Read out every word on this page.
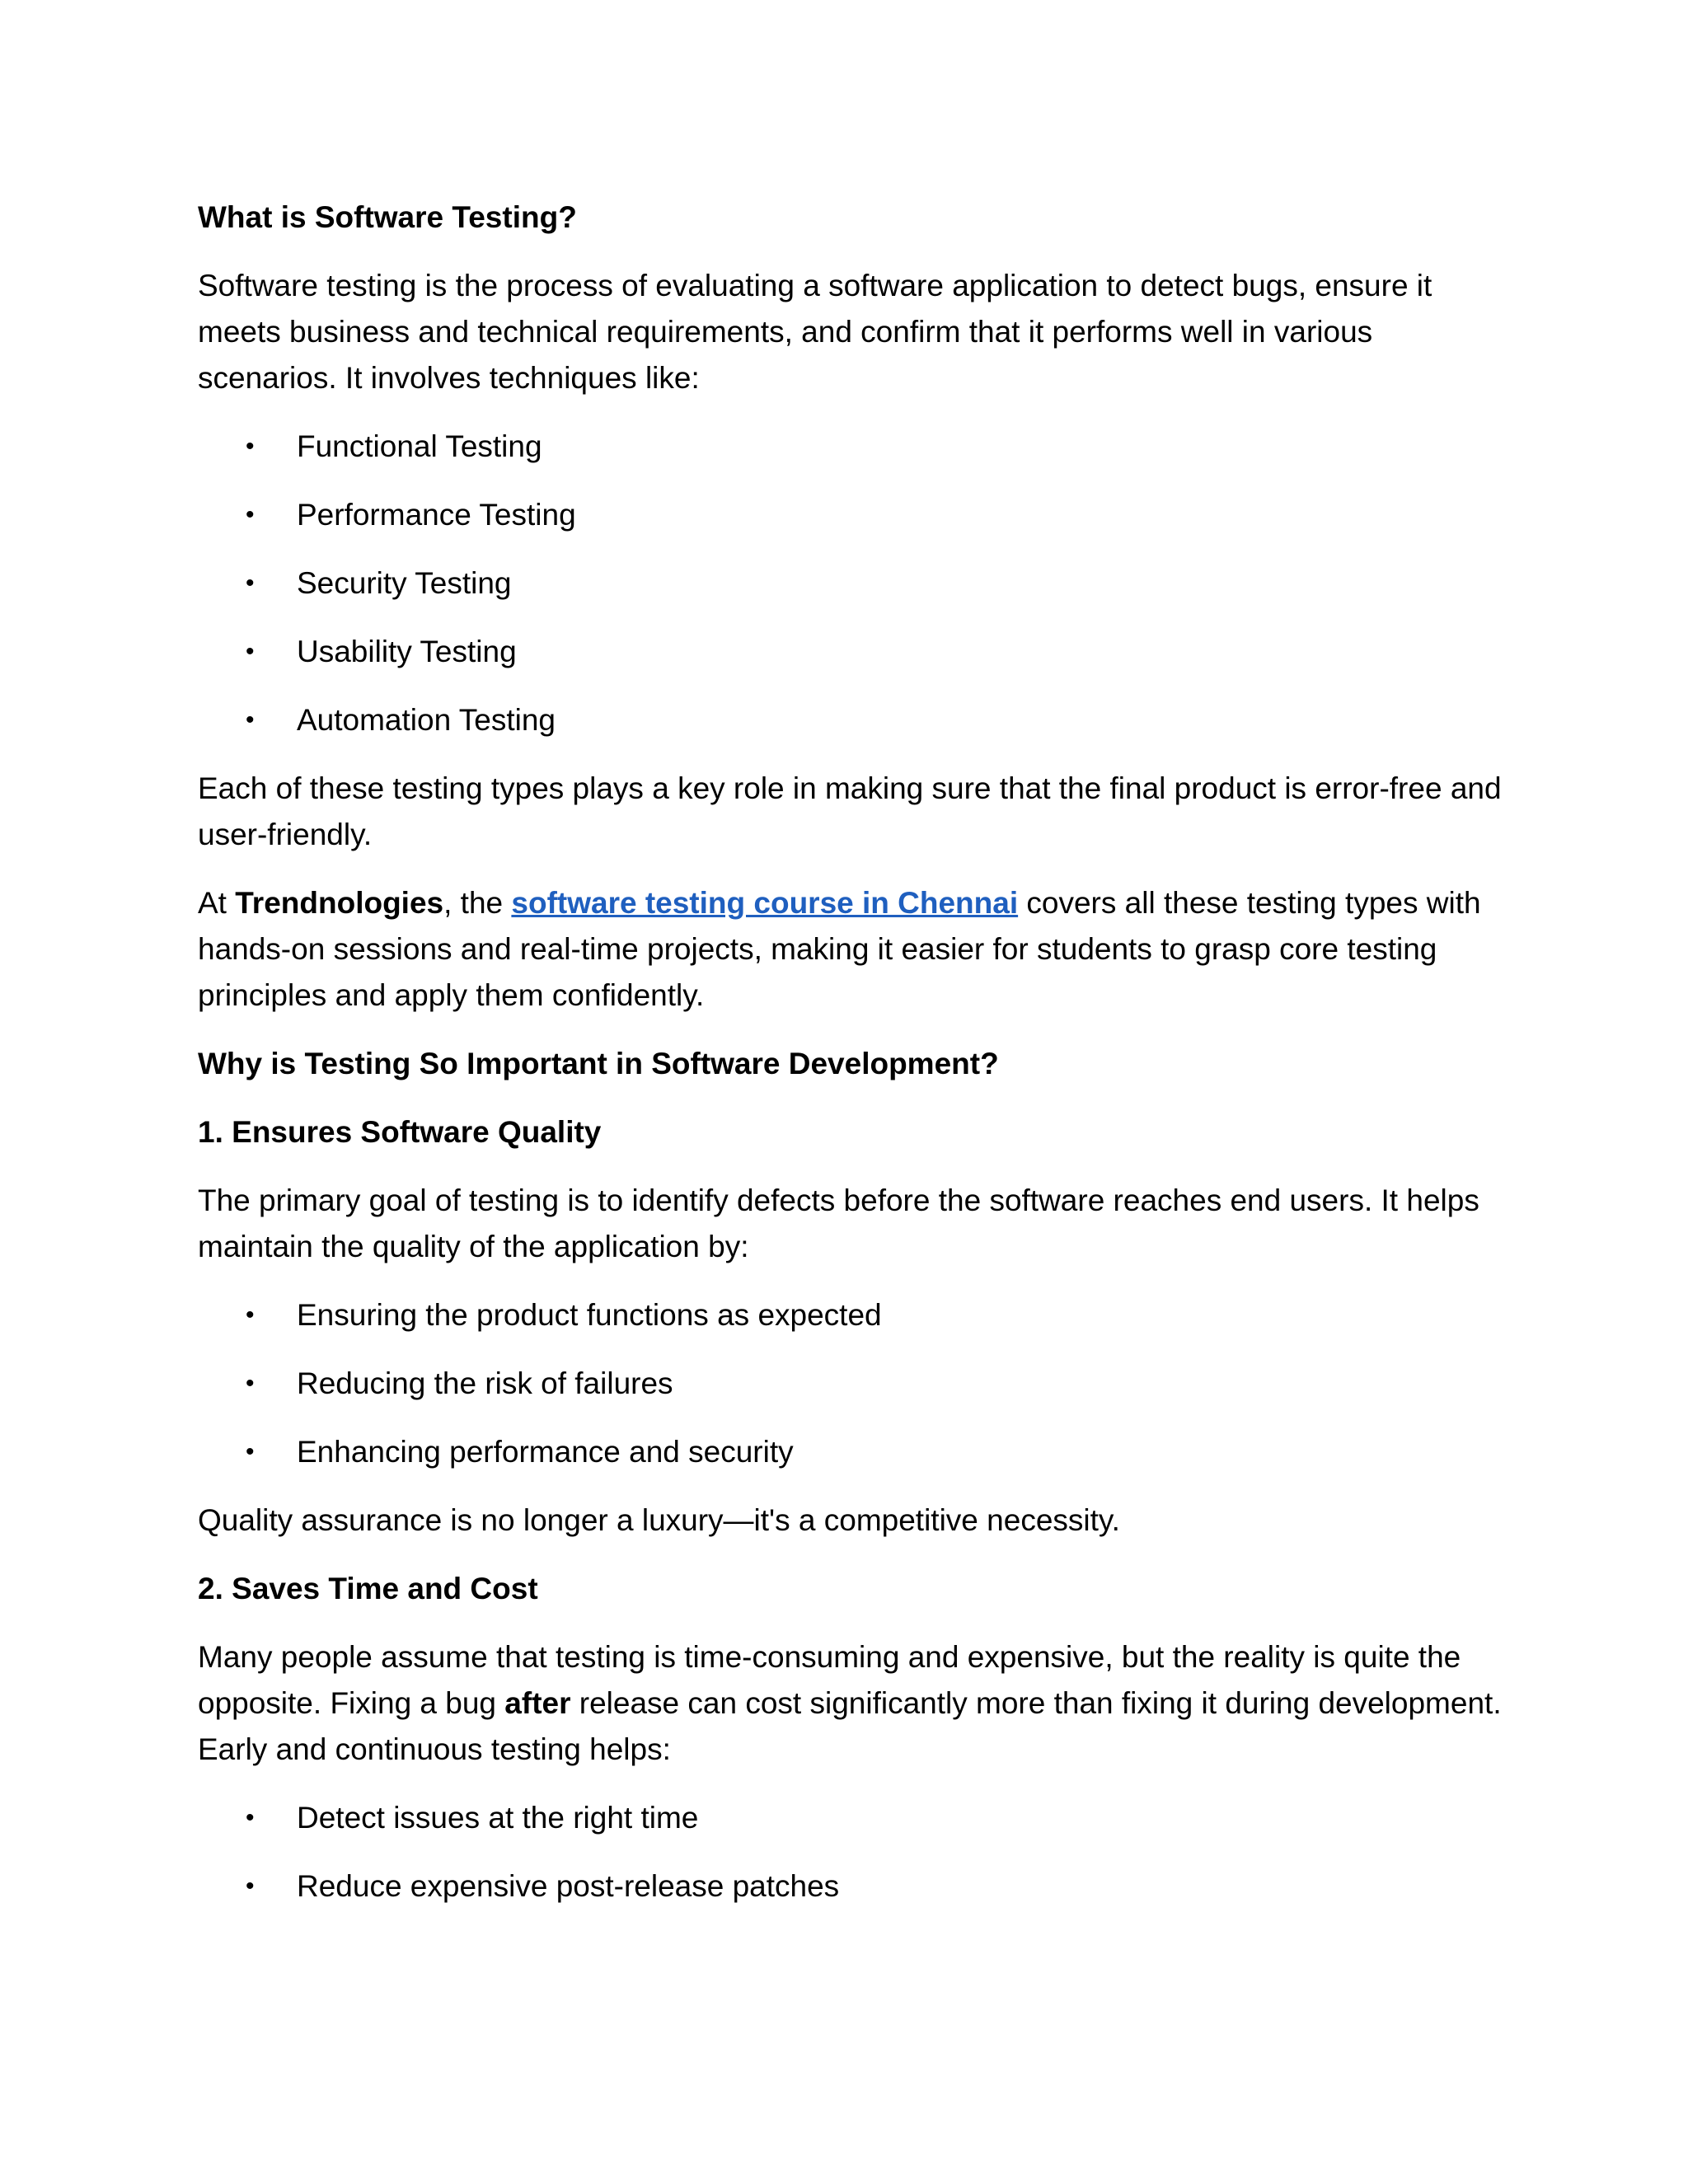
What is Software Testing?

Software testing is the process of evaluating a software application to detect bugs, ensure it meets business and technical requirements, and confirm that it performs well in various scenarios. It involves techniques like:

• Functional Testing
• Performance Testing
• Security Testing
• Usability Testing
• Automation Testing

Each of these testing types plays a key role in making sure that the final product is error-free and user-friendly.

At Trendnologies, the software testing course in Chennai covers all these testing types with hands-on sessions and real-time projects, making it easier for students to grasp core testing principles and apply them confidently.

Why is Testing So Important in Software Development?

1. Ensures Software Quality

The primary goal of testing is to identify defects before the software reaches end users. It helps maintain the quality of the application by:

• Ensuring the product functions as expected
• Reducing the risk of failures
• Enhancing performance and security

Quality assurance is no longer a luxury—it's a competitive necessity.

2. Saves Time and Cost

Many people assume that testing is time-consuming and expensive, but the reality is quite the opposite. Fixing a bug after release can cost significantly more than fixing it during development. Early and continuous testing helps:

• Detect issues at the right time
• Reduce expensive post-release patches
